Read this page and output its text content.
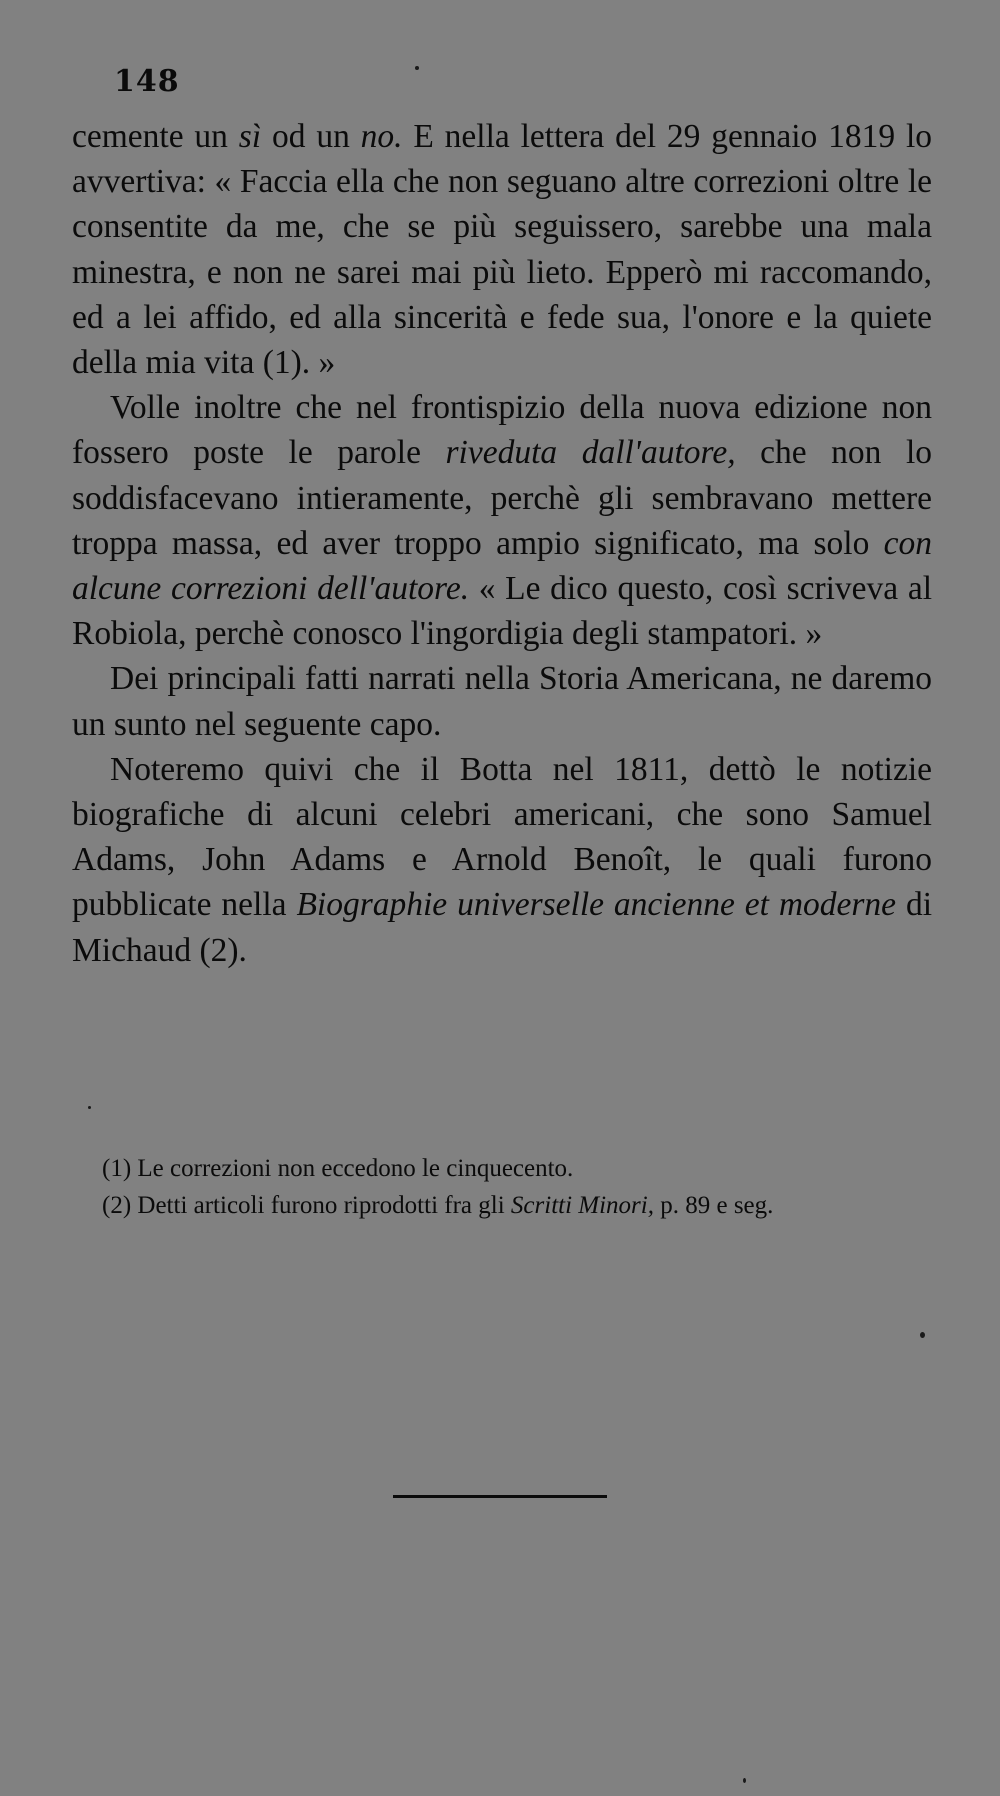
148

cemente un sì od un no. E nella lettera del 29 gennaio 1819 lo avvertiva: « Faccia ella che non seguano altre correzioni oltre le consentite da me, che se più seguissero, sarebbe una mala minestra, e non ne sarei mai più lieto. Epperò mi raccomando, ed a lei affido, ed alla sincerità e fede sua, l'onore e la quiete della mia vita (1). »

Volle inoltre che nel frontispizio della nuova edizione non fossero poste le parole riveduta dall'autore, che non lo soddisfacevano intieramente, perchè gli sembravano mettere troppa massa, ed aver troppo ampio significato, ma solo con alcune correzioni dell'autore. « Le dico questo, così scriveva al Robiola, perchè conosco l'ingordigia degli stampatori. »

Dei principali fatti narrati nella Storia Americana, ne daremo un sunto nel seguente capo.

Noteremo quivi che il Botta nel 1811, dettò le notizie biografiche di alcuni celebri americani, che sono Samuel Adams, John Adams e Arnold Benoît, le quali furono pubblicate nella Biographie universelle ancienne et moderne di Michaud (2).

(1) Le correzioni non eccedono le cinquecento.

(2) Detti articoli furono riprodotti fra gli Scritti Minori, p. 89 e seg.
